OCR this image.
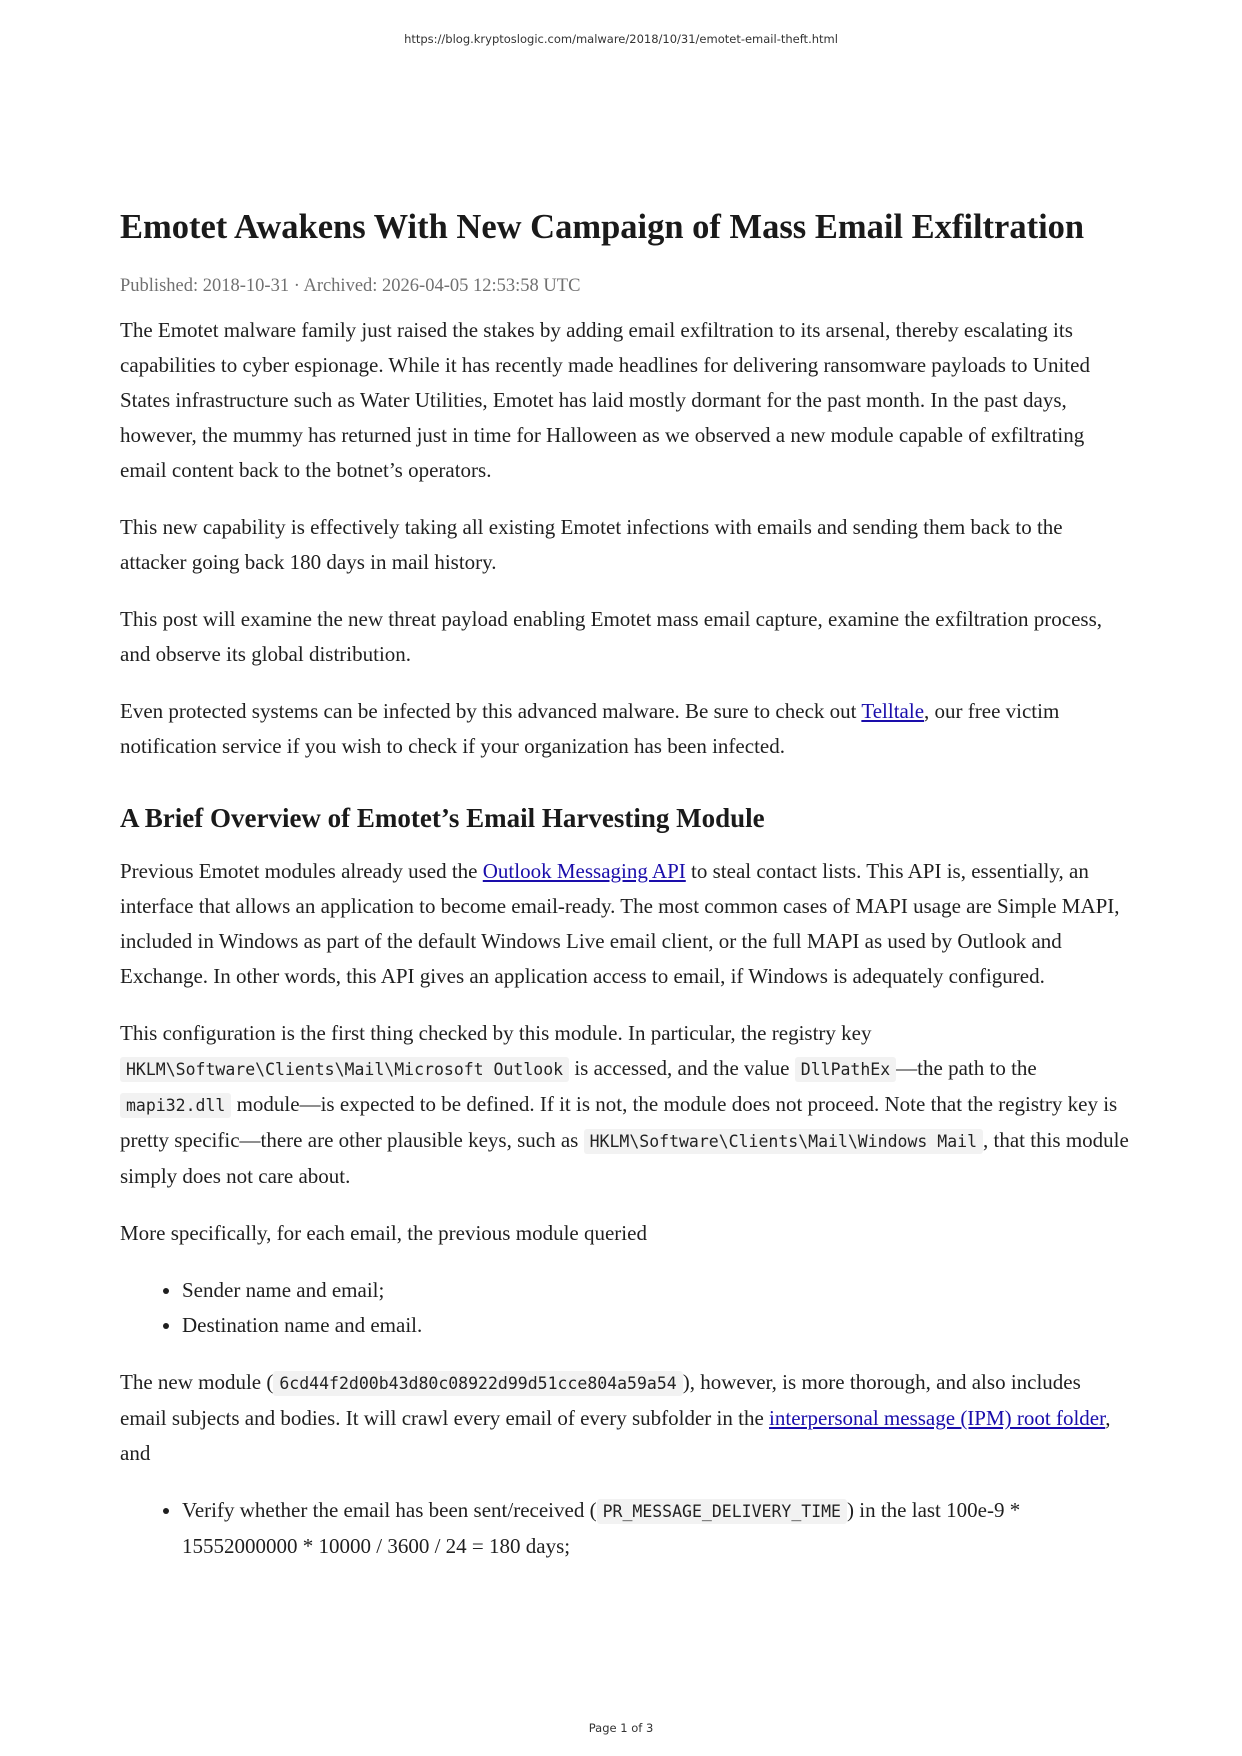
https://blog.kryptoslogic.com/malware/2018/10/31/emotet-email-theft.html
Emotet Awakens With New Campaign of Mass Email Exfiltration
Published: 2018-10-31 · Archived: 2026-04-05 12:53:58 UTC

The Emotet malware family just raised the stakes by adding email exfiltration to its arsenal, thereby escalating its capabilities to cyber espionage. While it has recently made headlines for delivering ransomware payloads to United States infrastructure such as Water Utilities, Emotet has laid mostly dormant for the past month. In the past days, however, the mummy has returned just in time for Halloween as we observed a new module capable of exfiltrating email content back to the botnet’s operators.

This new capability is effectively taking all existing Emotet infections with emails and sending them back to the attacker going back 180 days in mail history.

This post will examine the new threat payload enabling Emotet mass email capture, examine the exfiltration process, and observe its global distribution.

Even protected systems can be infected by this advanced malware. Be sure to check out Telltale, our free victim notification service if you wish to check if your organization has been infected.

A Brief Overview of Emotet’s Email Harvesting Module

Previous Emotet modules already used the Outlook Messaging API to steal contact lists. This API is, essentially, an interface that allows an application to become email-ready. The most common cases of MAPI usage are Simple MAPI, included in Windows as part of the default Windows Live email client, or the full MAPI as used by Outlook and Exchange. In other words, this API gives an application access to email, if Windows is adequately configured.

This configuration is the first thing checked by this module. In particular, the registry key HKLM\Software\Clients\Mail\Microsoft Outlook is accessed, and the value DllPathEx —the path to the mapi32.dll module—is expected to be defined. If it is not, the module does not proceed. Note that the registry key is pretty specific—there are other plausible keys, such as HKLM\Software\Clients\Mail\Windows Mail , that this module simply does not care about.

More specifically, for each email, the previous module queried

• Sender name and email;
• Destination name and email.

The new module ( 6cd44f2d00b43d80c08922d99d51cce804a59a54 ), however, is more thorough, and also includes email subjects and bodies. It will crawl every email of every subfolder in the interpersonal message (IPM) root folder, and

• Verify whether the email has been sent/received ( PR_MESSAGE_DELIVERY_TIME ) in the last 100e-9 * 15552000000 * 10000 / 3600 / 24 = 180 days;
Page 1 of 3
